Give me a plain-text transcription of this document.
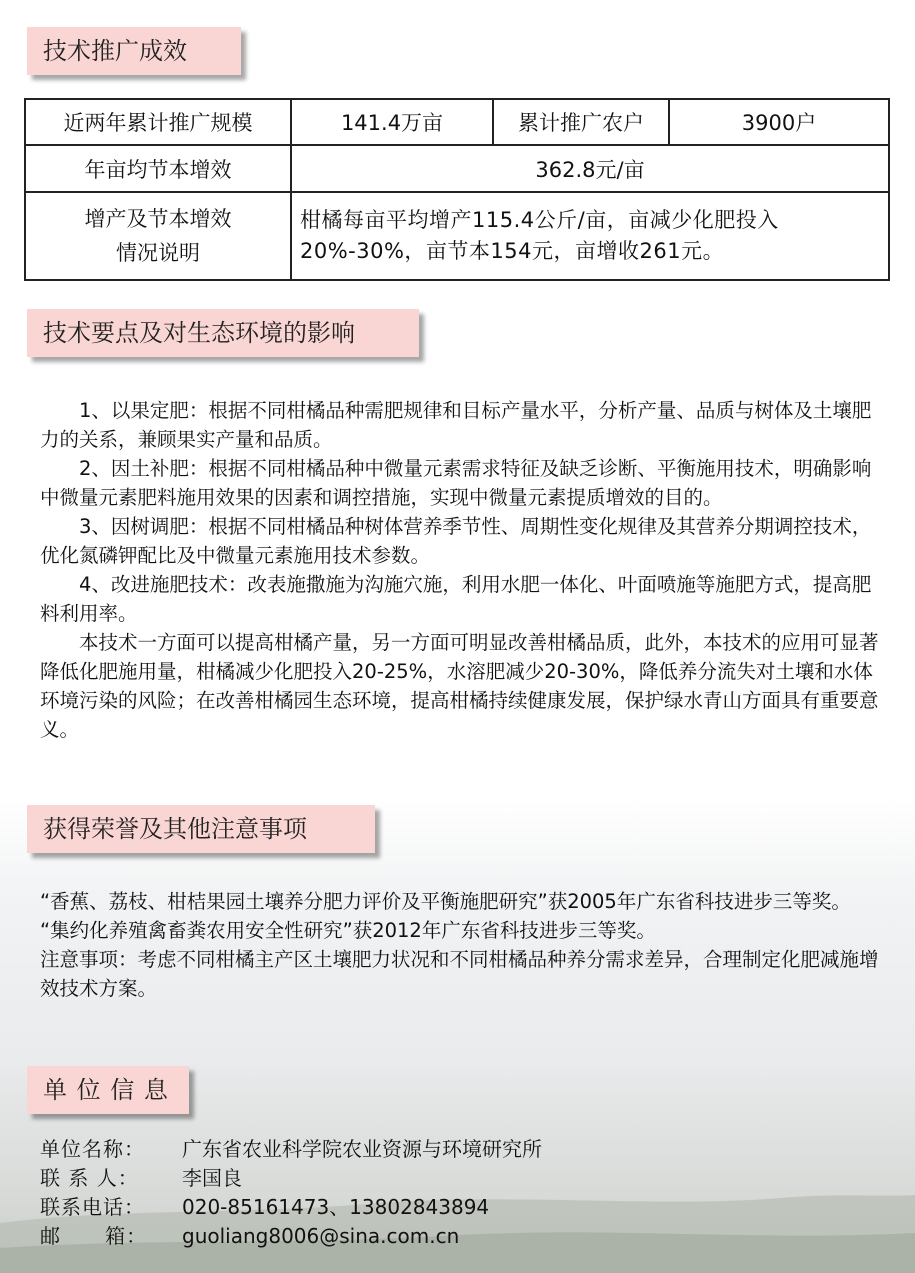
技术推广成效
近两年累计推广规模	141.4万亩	累计推广农户	3900户
年亩均节本增效	362.8元/亩		

增产及节本增效
情况说明	柑橘每亩平均增产115.4公斤/亩，亩减少化肥投入20%-30%，亩节本154元，亩增收261元。		
技术要点及对生态环境的影响

1、以果定肥：根据不同柑橘品种需肥规律和目标产量水平，分析产量、品质与树体及土壤肥力的关系，兼顾果实产量和品质。

2、因土补肥：根据不同柑橘品种中微量元素需求特征及缺乏诊断、平衡施用技术，明确影响中微量元素肥料施用效果的因素和调控措施，实现中微量元素提质增效的目的。

3、因树调肥：根据不同柑橘品种树体营养季节性、周期性变化规律及其营养分期调控技术，优化氮磷钾配比及中微量元素施用技术参数。

4、改进施肥技术：改表施撒施为沟施穴施，利用水肥一体化、叶面喷施等施肥方式，提高肥料利用率。

本技术一方面可以提高柑橘产量，另一方面可明显改善柑橘品质，此外，本技术的应用可显著降低化肥施用量，柑橘减少化肥投入20-25%，水溶肥减少20-30%，降低养分流失对土壤和水体环境污染的风险；在改善柑橘园生态环境，提高柑橘持续健康发展，保护绿水青山方面具有重要意义。

获得荣誉及其他注意事项

“香蕉、荔枝、柑桔果园土壤养分肥力评价及平衡施肥研究”获2005年广东省科技进步三等奖。

“集约化养殖禽畜粪农用安全性研究”获2012年广东省科技进步三等奖。

注意事项：考虑不同柑橘主产区土壤肥力状况和不同柑橘品种养分需求差异，合理制定化肥减施增效技术方案。

单 位 信 息
单位名称：	广东省农业科学院农业资源与环境研究所
联 系 人：	李国良
联系电话：	020-85161473、13802843894
邮      箱：	guoliang8006@sina.com.cn
